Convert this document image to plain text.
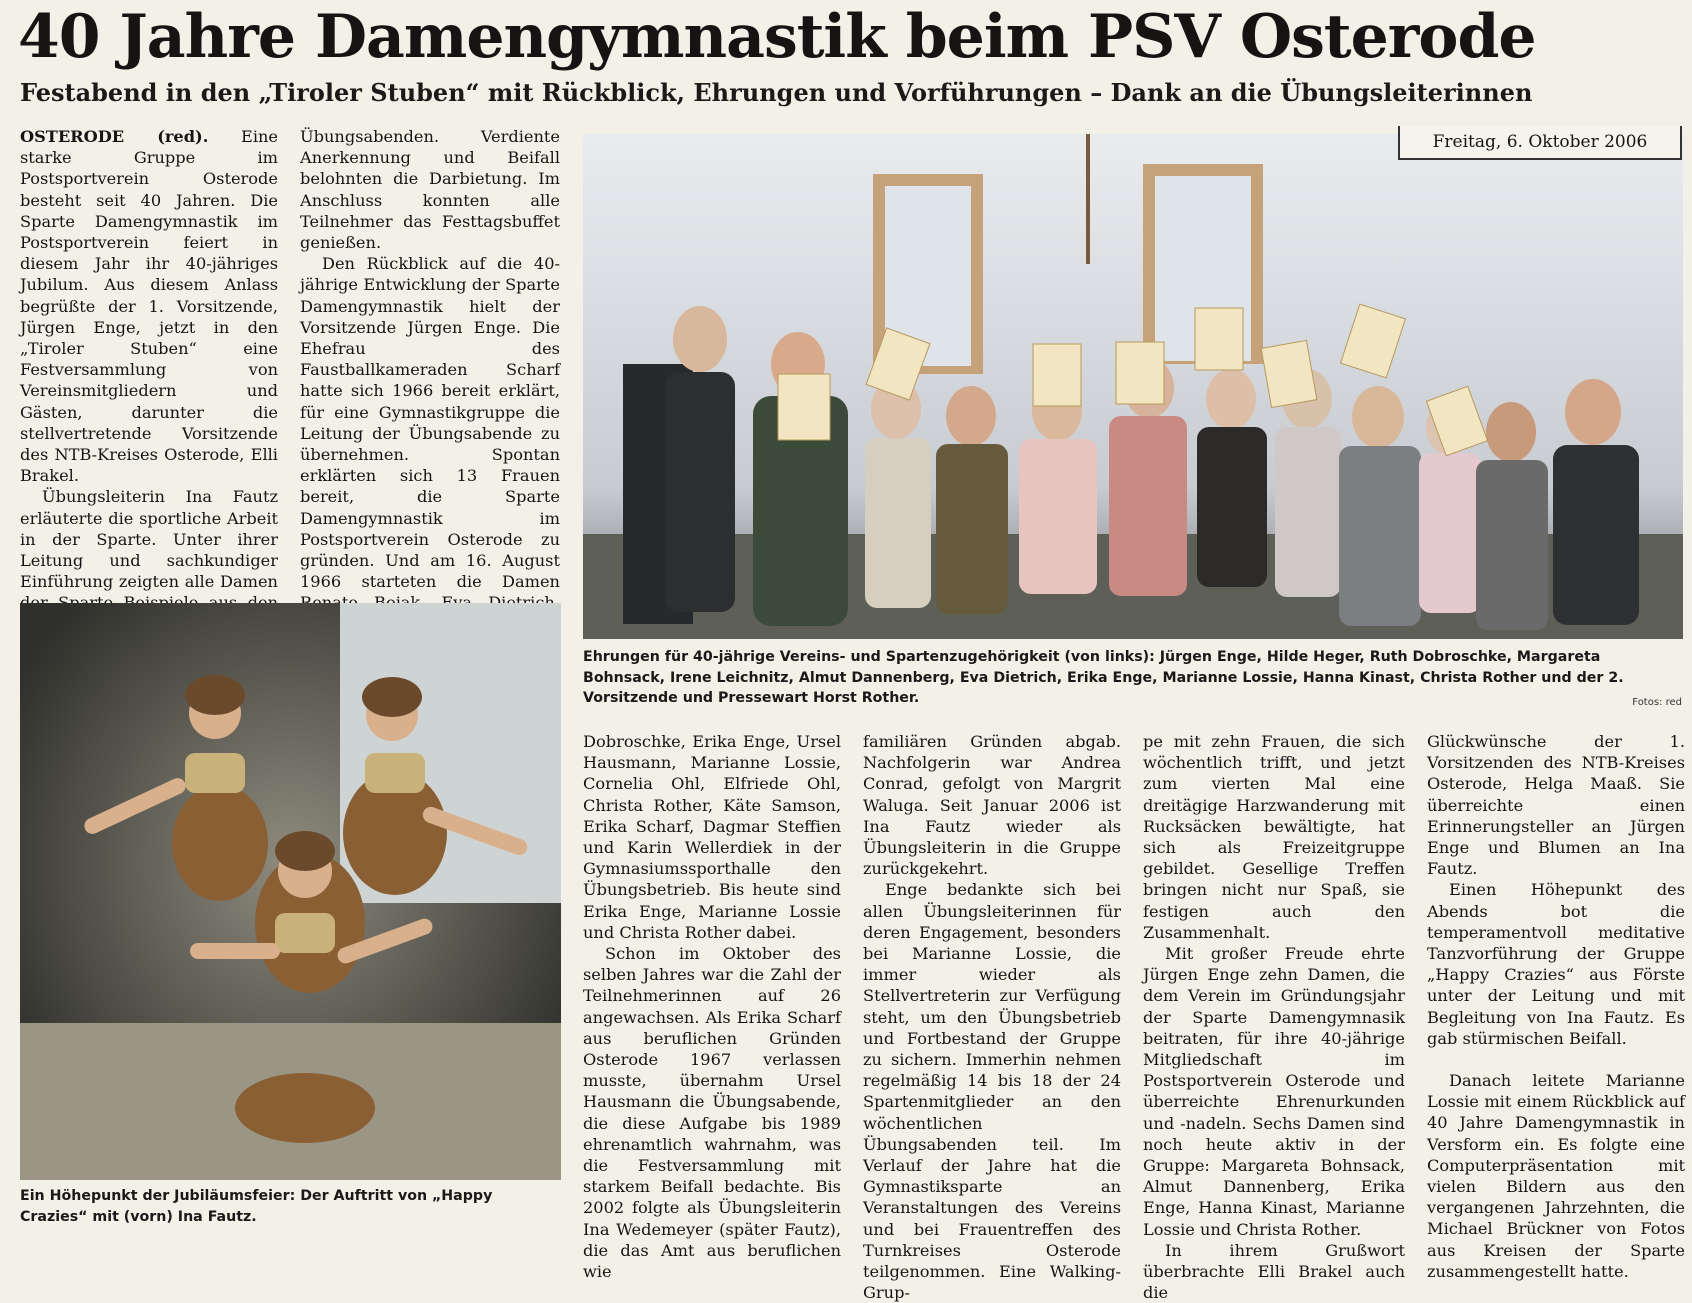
40 Jahre Damengymnastik beim PSV Osterode
Festabend in den „Tiroler Stuben“ mit Rückblick, Ehrungen und Vorführungen – Dank an die Übungsleiterinnen
Freitag, 6. Oktober 2006

OSTERODE (red). Eine starke Gruppe im Postsportverein Osterode besteht seit 40 Jahren. Die Sparte Damengymnastik im Postsportverein feiert in diesem Jahr ihr 40-jähriges Jubilum. Aus diesem Anlass begrüßte der 1. Vorsitzende, Jürgen Enge, jetzt in den „Tiroler Stuben“ eine Festversammlung von Vereinsmitgliedern und Gästen, darunter die stellvertretende Vorsitzende des NTB-Kreises Osterode, Elli Brakel.

Übungsleiterin Ina Fautz erläuterte die sportliche Arbeit in der Sparte. Unter ihrer Leitung und sachkundiger Einführung zeigten alle Damen

Übungsabenden. Verdiente Anerkennung und Beifall belohnten die Darbietung. Im Anschluss konnten alle Teilnehmer das Festtagsbuffet genießen.

Den Rückblick auf die 40-jährige Entwicklung der Sparte Damengymnastik hielt der Vorsitzende Jürgen Enge. Die Ehefrau des Faustballkameraden Scharf hatte sich 1966 bereit erklärt, für eine Gymnastikgruppe die Leitung der Übungsabende zu übernehmen. Spontan erklärten sich 13 Frauen bereit, die Sparte Damengymnastik im Postsportverein Osterode zu gründen. Und am 16. August 1966 starteten die Damen

Ehrungen für 40-jährige Vereins- und Spartenzugehörigkeit (von links): Jürgen Enge, Hilde Heger, Ruth Dobroschke, Margareta Bohnsack, Irene Leichnitz, Almut Dannenberg, Eva Dietrich, Erika Enge, Marianne Lossie, Hanna Kinast, Christa Rother und der 2. Vorsitzende und Pressewart Horst Rother.	Fotos: red
Ein Höhepunkt der Jubiläumsfeier: Der Auftritt von „Happy Crazies“ mit (vorn) Ina Fautz.

Dobroschke, Erika Enge, Ursel Hausmann, Marianne Lossie, Cornelia Ohl, Elfriede Ohl, Christa Rother, Käte Samson, Erika Scharf, Dagmar Steffien und Karin Wellerdiek in der Gymnasiumssporthalle den Übungsbetrieb. Bis heute sind Erika Enge, Marianne Lossie und Christa Rother dabei.

Schon im Oktober des selben Jahres war die Zahl der Teilnehmerinnen auf 26 angewachsen. Als Erika Scharf aus beruflichen Gründen Osterode 1967 verlassen musste, übernahm Ursel Hausmann die Übungsabende, die diese Aufgabe bis 1989 ehrenamtlich wahrnahm, was die Festversammlung mit starkem Beifall bedachte. Bis 2002 folgte als Übungsleiterin Ina Wedemeyer (später Fautz), die das Amt aus beruflichen wie

familiären Gründen abgab. Nachfolgerin war Andrea Conrad, gefolgt von Margrit Waluga. Seit Januar 2006 ist Ina Fautz wieder als Übungsleiterin in die Gruppe zurückgekehrt.

Enge bedankte sich bei allen Übungsleiterinnen für deren Engagement, besonders bei Marianne Lossie, die immer wieder als Stellvertreterin zur Verfügung steht, um den Übungsbetrieb und Fortbestand der Gruppe zu sichern. Immerhin nehmen regelmäßig 14 bis 18 der 24 Spartenmitglieder an den wöchentlichen Übungsabenden teil. Im Verlauf der Jahre hat die Gymnastiksparte an Veranstaltungen des Vereins und bei Frauentreffen des Turnkreises Osterode teilgenommen. Eine Walking-Grup-

pe mit zehn Frauen, die sich wöchentlich trifft, und jetzt zum vierten Mal eine dreitägige Harzwanderung mit Rucksäcken bewältigte, hat sich als Freizeitgruppe gebildet. Gesellige Treffen bringen nicht nur Spaß, sie festigen auch den Zusammenhalt.

Mit großer Freude ehrte Jürgen Enge zehn Damen, die dem Verein im Gründungsjahr der Sparte Damengymnasik beitraten, für ihre 40-jährige Mitgliedschaft im Postsportverein Osterode und überreichte Ehrenurkunden und -nadeln. Sechs Damen sind noch heute aktiv in der Gruppe: Margareta Bohnsack, Almut Dannenberg, Erika Enge, Hanna Kinast, Marianne Lossie und Christa Rother.

In ihrem Grußwort überbrachte Elli Brakel auch die

Glückwünsche der 1. Vorsitzenden des NTB-Kreises Osterode, Helga Maaß. Sie überreichte einen Erinnerungsteller an Jürgen Enge und Blumen an Ina Fautz.

Einen Höhepunkt des Abends bot die temperamentvoll meditative Tanzvorführung der Gruppe „Happy Crazies“ aus Förste unter der Leitung und mit Begleitung von Ina Fautz. Es gab stürmischen Beifall.

Danach leitete Marianne Lossie mit einem Rückblick auf 40 Jahre Damengymnastik in Versform ein. Es folgte eine Computerpräsentation mit vielen Bildern aus den vergangenen Jahrzehnten, die Michael Brückner von Fotos aus Kreisen der Sparte zusammengestellt hatte.
